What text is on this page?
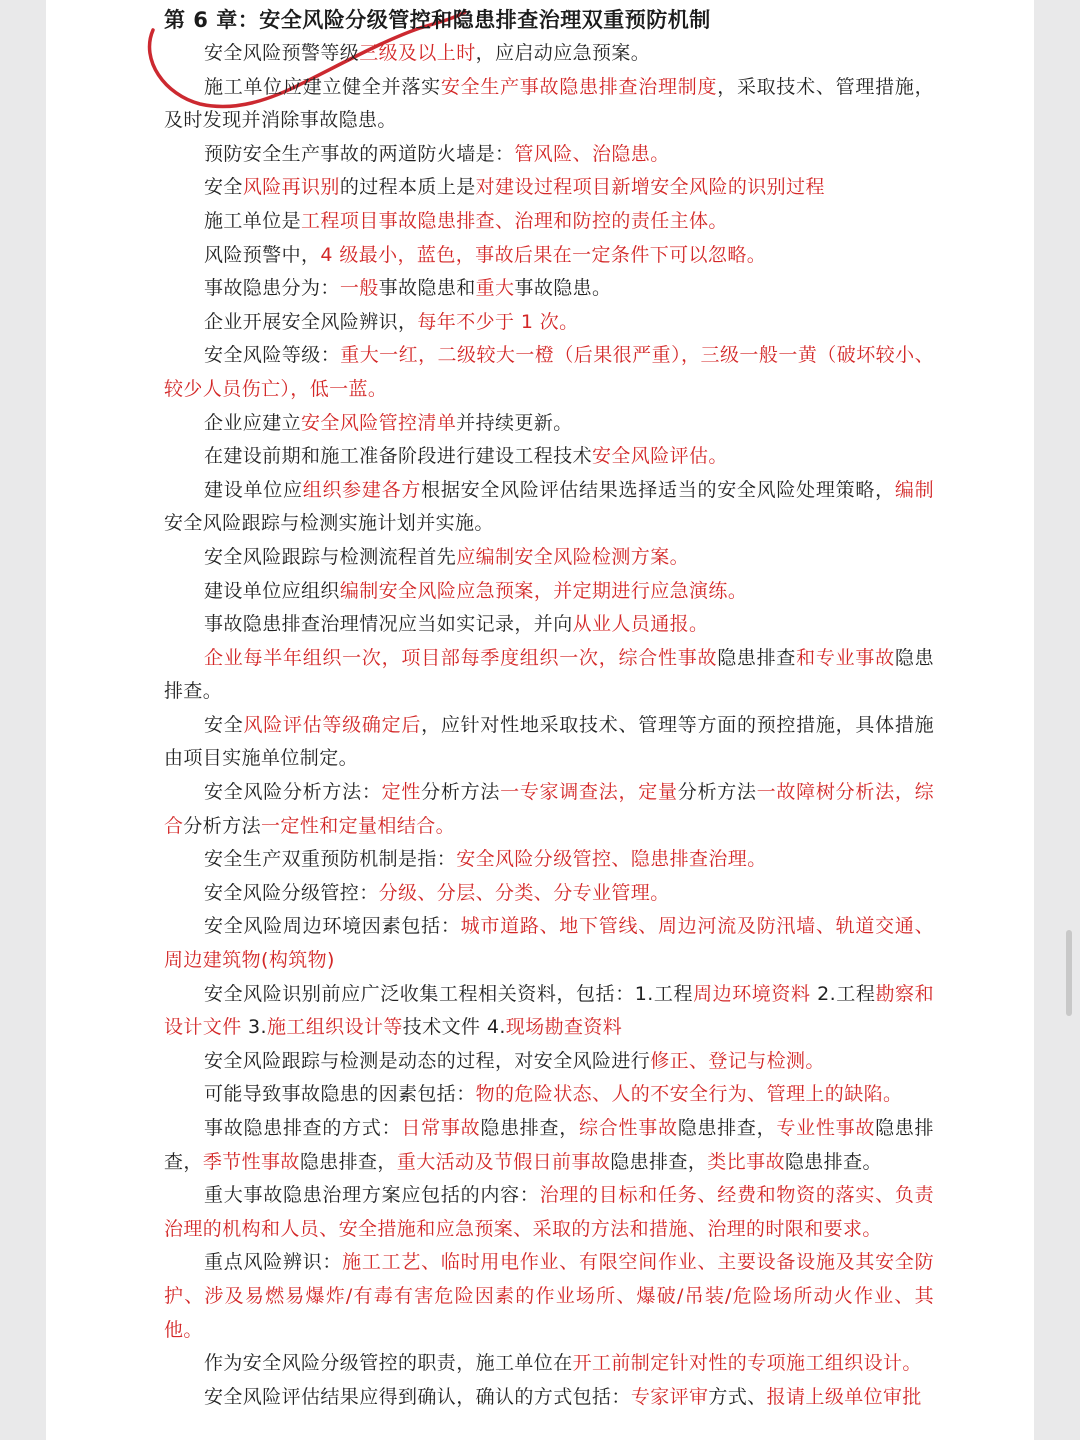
第 6 章：安全风险分级管控和隐患排查治理双重预防机制

安全风险预警等级三级及以上时，应启动应急预案。

施工单位应建立健全并落实安全生产事故隐患排查治理制度，采取技术、管理措施，及时发现并消除事故隐患。

预防安全生产事故的两道防火墙是：管风险、治隐患。

安全风险再识别的过程本质上是对建设过程项目新增安全风险的识别过程

施工单位是工程项目事故隐患排查、治理和防控的责任主体。

风险预警中，4 级最小，蓝色，事故后果在一定条件下可以忽略。

事故隐患分为：一般事故隐患和重大事故隐患。

企业开展安全风险辨识，每年不少于 1 次。

安全风险等级：重大一红，二级较大一橙（后果很严重），三级一般一黄（破坏较小、较少人员伤亡），低一蓝。

企业应建立安全风险管控清单并持续更新。

在建设前期和施工准备阶段进行建设工程技术安全风险评估。

建设单位应组织参建各方根据安全风险评估结果选择适当的安全风险处理策略，编制安全风险跟踪与检测实施计划并实施。

安全风险跟踪与检测流程首先应编制安全风险检测方案。

建设单位应组织编制安全风险应急预案，并定期进行应急演练。

事故隐患排查治理情况应当如实记录，并向从业人员通报。

企业每半年组织一次，项目部每季度组织一次，综合性事故隐患排查和专业事故隐患排查。

安全风险评估等级确定后，应针对性地采取技术、管理等方面的预控措施，具体措施由项目实施单位制定。

安全风险分析方法：定性分析方法一专家调查法，定量分析方法一故障树分析法，综合分析方法一定性和定量相结合。

安全生产双重预防机制是指：安全风险分级管控、隐患排查治理。

安全风险分级管控：分级、分层、分类、分专业管理。

安全风险周边环境因素包括：城市道路、地下管线、周边河流及防汛墙、轨道交通、周边建筑物(构筑物)

安全风险识别前应广泛收集工程相关资料，包括：1.工程周边环境资料 2.工程勘察和设计文件 3.施工组织设计等技术文件 4.现场勘查资料

安全风险跟踪与检测是动态的过程，对安全风险进行修正、登记与检测。

可能导致事故隐患的因素包括：物的危险状态、人的不安全行为、管理上的缺陷。

事故隐患排查的方式：日常事故隐患排查，综合性事故隐患排查，专业性事故隐患排查，季节性事故隐患排查，重大活动及节假日前事故隐患排查，类比事故隐患排查。

重大事故隐患治理方案应包括的内容：治理的目标和任务、经费和物资的落实、负责治理的机构和人员、安全措施和应急预案、采取的方法和措施、治理的时限和要求。

重点风险辨识：施工工艺、临时用电作业、有限空间作业、主要设备设施及其安全防护、涉及易燃易爆炸/有毒有害危险因素的作业场所、爆破/吊装/危险场所动火作业、其他。

作为安全风险分级管控的职责，施工单位在开工前制定针对性的专项施工组织设计。

安全风险评估结果应得到确认，确认的方式包括：专家评审方式、报请上级单位审批
